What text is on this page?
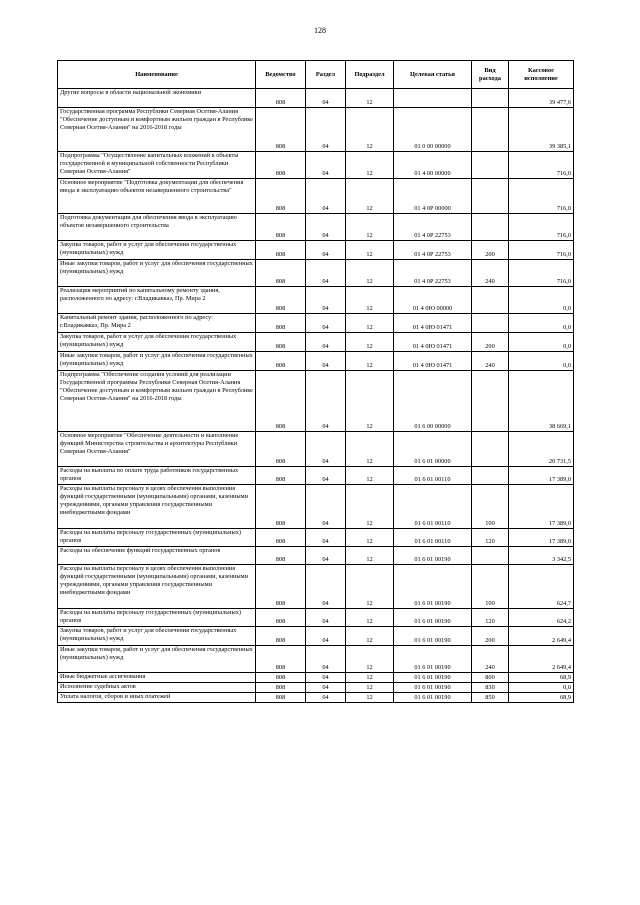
128
Наименование	Ведомство	Раздел	Подраздел	Целевая статья	Вид расхода	Кассовое исполнение
Другие вопросы в области национальной экономики	808	04	12			39 477,6
Государственная программа Республики Северная Осетия-Алания "Обеспечение доступным и комфортным жильем граждан в Республике Северная Осетия-Алания" на 2016-2018 годы	808	04	12	01 0 00 00000		39 385,1
Подпрограмма "Осуществление капитальных вложений в объекты государственной и муниципальной собственности Республики Северная Осетия-Алания"	808	04	12	01 4 00 00000		716,0
Основное мероприятие "Подготовка документации для обеспечения ввода в эксплуатацию объектов незавершенного строительства"	808	04	12	01 4 0Р 00000		716,0
Подготовка документации для обеспечения ввода в эксплуатацию объектов незавершенного строительства	808	04	12	01 4 0Р 22753		716,0
Закупка товаров, работ и услуг для обеспечения государственных (муниципальных) нужд	808	04	12	01 4 0Р 22753	200	716,0
Иные закупки товаров, работ и услуг для обеспечения государственных (муниципальных) нужд	808	04	12	01 4 0Р 22753	240	716,0
Реализация мероприятий по капитальному ремонту здания, расположенного по адресу: г.Владикавказ, Пр. Мира 2	808	04	12	01 4 0Ю 00000		0,0
Капитальный ремонт здания, расположенного по адресу: г.Владикавказ, Пр. Мира 2	808	04	12	01 4 0Ю 01471		0,0
Закупка товаров, работ и услуг для обеспечения государственных (муниципальных) нужд	808	04	12	01 4 0Ю 01471	200	0,0
Иные закупки товаров, работ и услуг для обеспечения государственных (муниципальных) нужд	808	04	12	01 4 0Ю 01471	240	0,0
Подпрограмма "Обеспечение создания условий для реализации Государственной программы Республики Северная Осетия-Алания "Обеспечение доступным и комфортным жильем граждан в Республике Северная Осетия-Алания" на 2016-2018 годы	808	04	12	01 6 00 00000		38 669,1
Основное мероприятие "Обеспечение деятельности и выполнение функций Министерства строительства и архитектуры Республики Северная Осетия-Алания"	808	04	12	01 6 01 00000		20 731,5
Расходы на выплаты по оплате труда работников государственных органов	808	04	12	01 6 01 00110		17 389,0
Расходы на выплаты персоналу в целях обеспечения выполнения функций государственными (муниципальными) органами, казенными учреждениями, органами управления государственными внебюджетными фондами	808	04	12	01 6 01 00110	100	17 389,0
Расходы на выплаты персоналу государственных (муниципальных) органов	808	04	12	01 6 01 00110	120	17 389,0
Расходы на обеспечение функций государственных органов	808	04	12	01 6 01 00190		3 342,5
Расходы на выплаты персоналу в целях обеспечения выполнения функций государственными (муниципальными) органами, казенными учреждениями, органами управления государственными внебюджетными фондами	808	04	12	01 6 01 00190	100	624,7
Расходы на выплаты персоналу государственных (муниципальных) органов	808	04	12	01 6 01 00190	120	624,2
Закупка товаров, работ и услуг для обеспечения государственных (муниципальных) нужд	808	04	12	01 6 01 00190	200	2 649,4
Иные закупки товаров, работ и услуг для обеспечения государственных (муниципальных) нужд	808	04	12	01 6 01 00190	240	2 649,4
Иные бюджетные ассигнования	808	04	12	01 6 01 00190	800	68,9
Исполнение судебных актов	808	04	12	01 6 01 00190	830	0,0
Уплата налогов, сборов и иных платежей	808	04	12	01 6 01 00190	850	68,9
